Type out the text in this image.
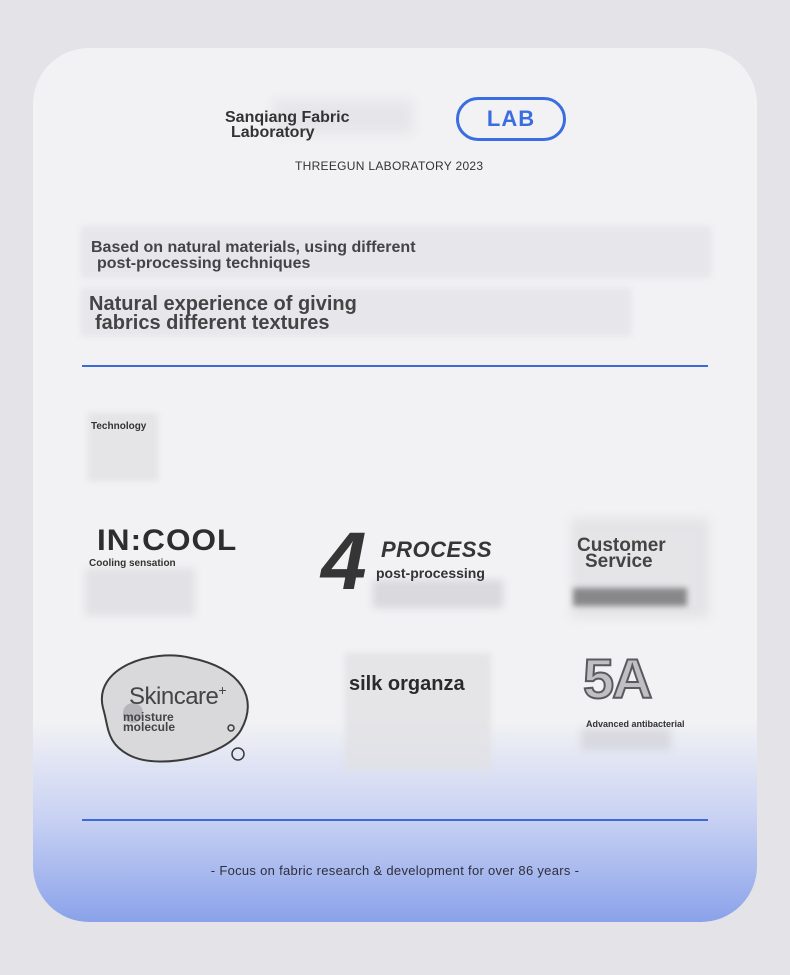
Sanqiang Fabric
Laboratory
LAB
THREEGUN LABORATORY 2023
Based on natural materials, using different
post-processing techniques
Natural experience of giving
fabrics different textures
Technology
IN:COOL
Cooling sensation 4 PROCESS
post-processing
Customer
Service
Skincare+
moisture
molecule
silk organza 5A
Advanced antibacterial
- Focus on fabric research & development for over 86 years -
